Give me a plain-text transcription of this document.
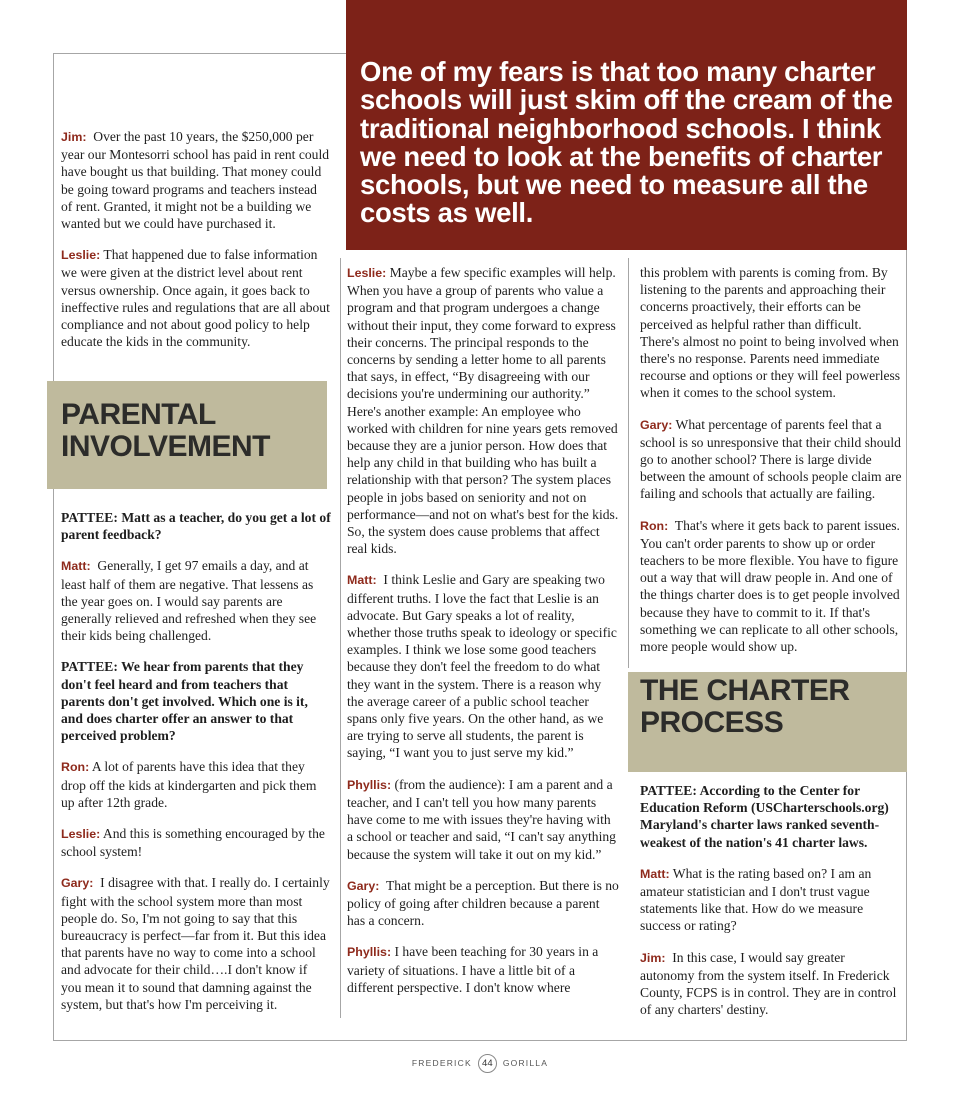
One of my fears is that too many charter schools will just skim off the cream of the traditional neighborhood schools. I think we need to look at the benefits of charter schools, but we need to measure all the costs as well.

Jim: Over the past 10 years, the $250,000 per year our Montesorri school has paid in rent could have bought us that building. That money could be going toward programs and teachers instead of rent. Granted, it might not be a building we wanted but we could have purchased it.

Leslie: That happened due to false information we were given at the district level about rent versus ownership. Once again, it goes back to ineffective rules and regulations that are all about compliance and not about good policy to help educate the kids in the community.

PARENTAL INVOLVEMENT

PATTEE: Matt as a teacher, do you get a lot of parent feedback?

Matt: Generally, I get 97 emails a day, and at least half of them are negative. That lessens as the year goes on. I would say parents are generally relieved and refreshed when they see their kids being challenged.

PATTEE: We hear from parents that they don't feel heard and from teachers that parents don't get involved. Which one is it, and does charter offer an answer to that perceived problem?

Ron: A lot of parents have this idea that they drop off the kids at kindergarten and pick them up after 12th grade.

Leslie: And this is something encouraged by the school system!

Gary: I disagree with that. I really do. I certainly fight with the school system more than most people do. So, I'm not going to say that this bureaucracy is perfect—far from it. But this idea that parents have no way to come into a school and advocate for their child….I don't know if you mean it to sound that damning against the system, but that's how I'm perceiving it.

Leslie: Maybe a few specific examples will help. When you have a group of parents who value a program and that program undergoes a change without their input, they come forward to express their concerns. The principal responds to the concerns by sending a letter home to all parents that says, in effect, “By disagreeing with our decisions you're undermining our authority.” Here's another example: An employee who worked with children for nine years gets removed because they are a junior person. How does that help any child in that building who has built a relationship with that person? The system places people in jobs based on seniority and not on performance—and not on what's best for the kids. So, the system does cause problems that affect real kids.

Matt: I think Leslie and Gary are speaking two different truths. I love the fact that Leslie is an advocate. But Gary speaks a lot of reality, whether those truths speak to ideology or specific examples. I think we lose some good teachers because they don't feel the freedom to do what they want in the system. There is a reason why the average career of a public school teacher spans only five years. On the other hand, as we are trying to serve all students, the parent is saying, “I want you to just serve my kid.”

Phyllis: (from the audience): I am a parent and a teacher, and I can't tell you how many parents have come to me with issues they're having with a school or teacher and said, “I can't say anything because the system will take it out on my kid.”

Gary: That might be a perception. But there is no policy of going after children because a parent has a concern.

Phyllis: I have been teaching for 30 years in a variety of situations. I have a little bit of a different perspective. I don't know where

this problem with parents is coming from. By listening to the parents and approaching their concerns proactively, their efforts can be perceived as helpful rather than difficult. There's almost no point to being involved when there's no response. Parents need immediate recourse and options or they will feel powerless when it comes to the school system.

Gary: What percentage of parents feel that a school is so unresponsive that their child should go to another school? There is large divide between the amount of schools people claim are failing and schools that actually are failing.

Ron: That's where it gets back to parent issues. You can't order parents to show up or order teachers to be more flexible. You have to figure out a way that will draw people in. And one of the things charter does is to get people involved because they have to commit to it. If that's something we can replicate to all other schools, more people would show up.

THE CHARTER PROCESS

PATTEE: According to the Center for Education Reform (USCharterschools.org) Maryland's charter laws ranked seventh-weakest of the nation's 41 charter laws.

Matt: What is the rating based on? I am an amateur statistician and I don't trust vague statements like that. How do we measure success or rating?

Jim: In this case, I would say greater autonomy from the system itself. In Frederick County, FCPS is in control. They are in control of any charters' destiny.

FREDERICK	44	GORILLA
